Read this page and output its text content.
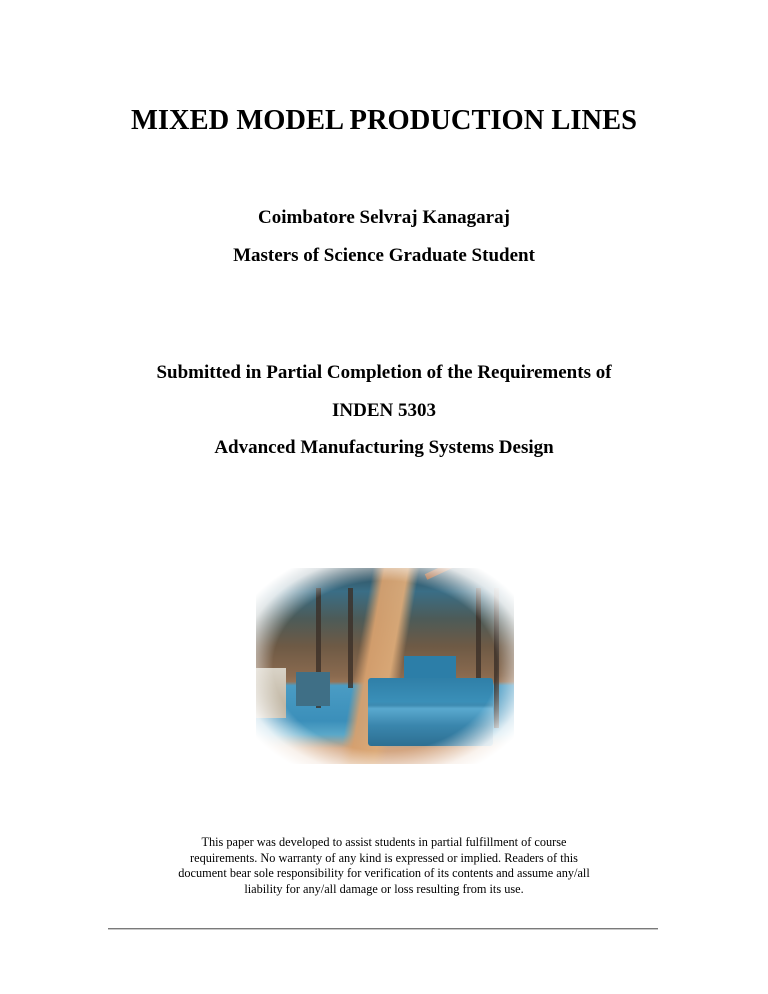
MIXED MODEL PRODUCTION LINES
Coimbatore Selvraj Kanagaraj
Masters of Science Graduate Student
Submitted in Partial Completion of the Requirements of
INDEN 5303
Advanced Manufacturing Systems Design
This paper was developed to assist students in partial fulfillment of course
requirements. No warranty of any kind is expressed or implied. Readers of this
document bear sole responsibility for verification of its contents and assume any/all
liability for any/all damage or loss resulting from its use.
